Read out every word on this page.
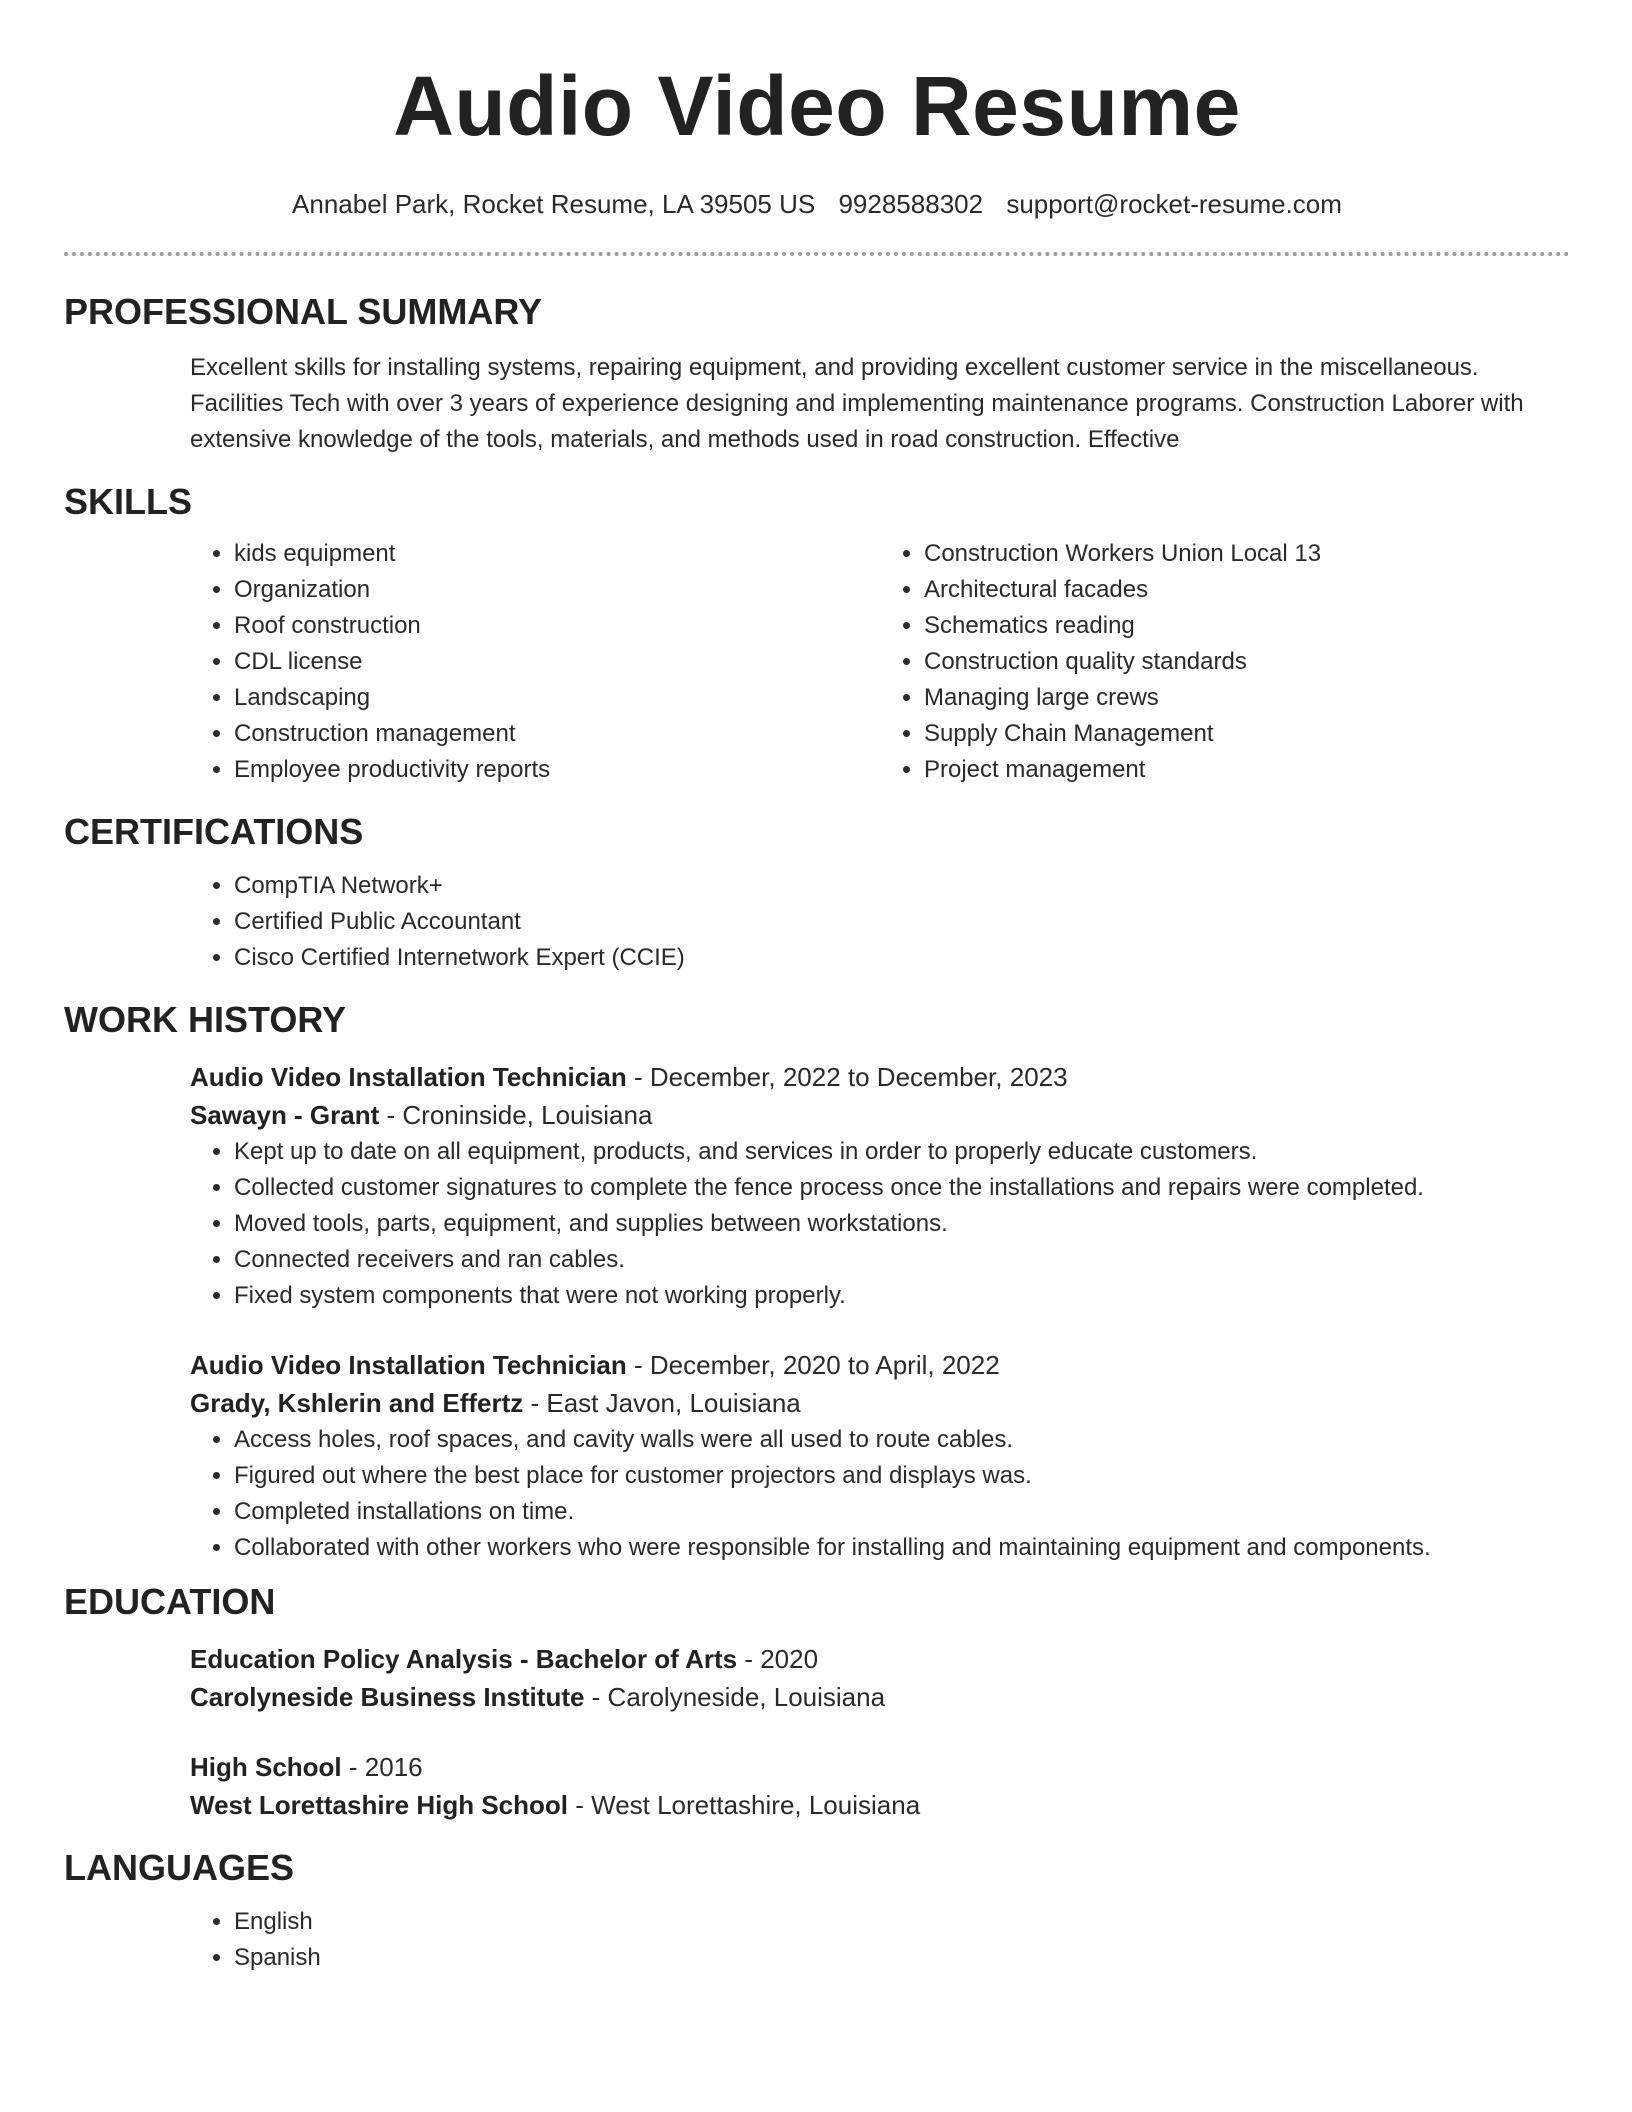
Audio Video Resume
Annabel Park, Rocket Resume, LA 39505 US 9928588302 support@rocket-resume.com
PROFESSIONAL SUMMARY

Excellent skills for installing systems, repairing equipment, and providing excellent customer service in the miscellaneous. Facilities Tech with over 3 years of experience designing and implementing maintenance programs. Construction Laborer with extensive knowledge of the tools, materials, and methods used in road construction. Effective

SKILLS
• kids equipment
• Organization
• Roof construction
• CDL license
• Landscaping
• Construction management
• Employee productivity reports
• Construction Workers Union Local 13
• Architectural facades
• Schematics reading
• Construction quality standards
• Managing large crews
• Supply Chain Management
• Project management
CERTIFICATIONS
• CompTIA Network+
• Certified Public Accountant
• Cisco Certified Internetwork Expert (CCIE)
WORK HISTORY
Audio Video Installation Technician - December, 2022 to December, 2023
Sawayn - Grant - Croninside, Louisiana
• Kept up to date on all equipment, products, and services in order to properly educate customers.
• Collected customer signatures to complete the fence process once the installations and repairs were completed.
• Moved tools, parts, equipment, and supplies between workstations.
• Connected receivers and ran cables.
• Fixed system components that were not working properly.
Audio Video Installation Technician - December, 2020 to April, 2022
Grady, Kshlerin and Effertz - East Javon, Louisiana
• Access holes, roof spaces, and cavity walls were all used to route cables.
• Figured out where the best place for customer projectors and displays was.
• Completed installations on time.
• Collaborated with other workers who were responsible for installing and maintaining equipment and components.
EDUCATION
Education Policy Analysis - Bachelor of Arts - 2020
Carolyneside Business Institute - Carolyneside, Louisiana
High School - 2016
West Lorettashire High School - West Lorettashire, Louisiana
LANGUAGES
• English
• Spanish
